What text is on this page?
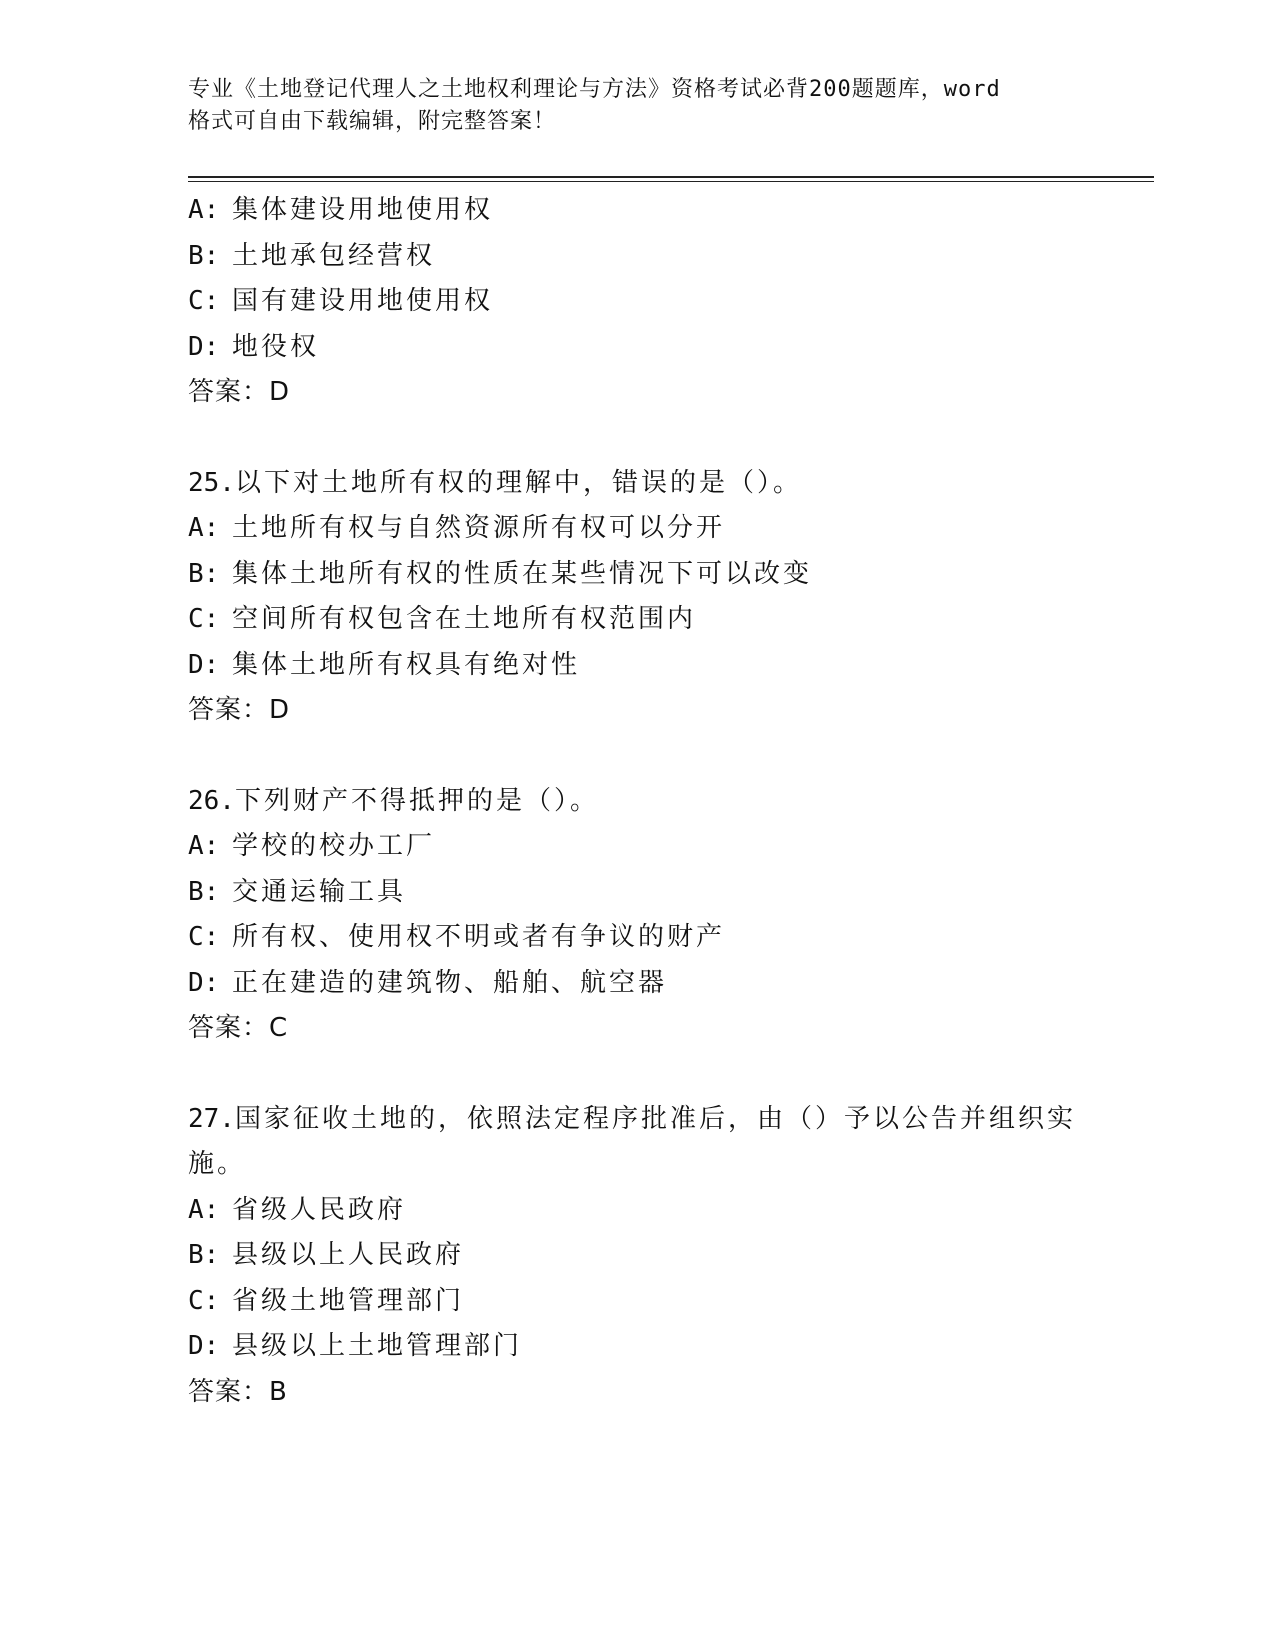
专业《土地登记代理人之土地权利理论与方法》资格考试必背200题题库，word
格式可自由下载编辑，附完整答案！
A: 集体建设用地使用权
B: 土地承包经营权
C: 国有建设用地使用权
D: 地役权
答案：D
25.以下对土地所有权的理解中，错误的是（）。
A: 土地所有权与自然资源所有权可以分开
B: 集体土地所有权的性质在某些情况下可以改变
C: 空间所有权包含在土地所有权范围内
D: 集体土地所有权具有绝对性
答案：D
26.下列财产不得抵押的是（）。
A: 学校的校办工厂
B: 交通运输工具
C: 所有权、使用权不明或者有争议的财产
D: 正在建造的建筑物、船舶、航空器
答案：C
27.国家征收土地的，依照法定程序批准后，由（）予以公告并组织实
施。
A: 省级人民政府
B: 县级以上人民政府
C: 省级土地管理部门
D: 县级以上土地管理部门
答案：B
